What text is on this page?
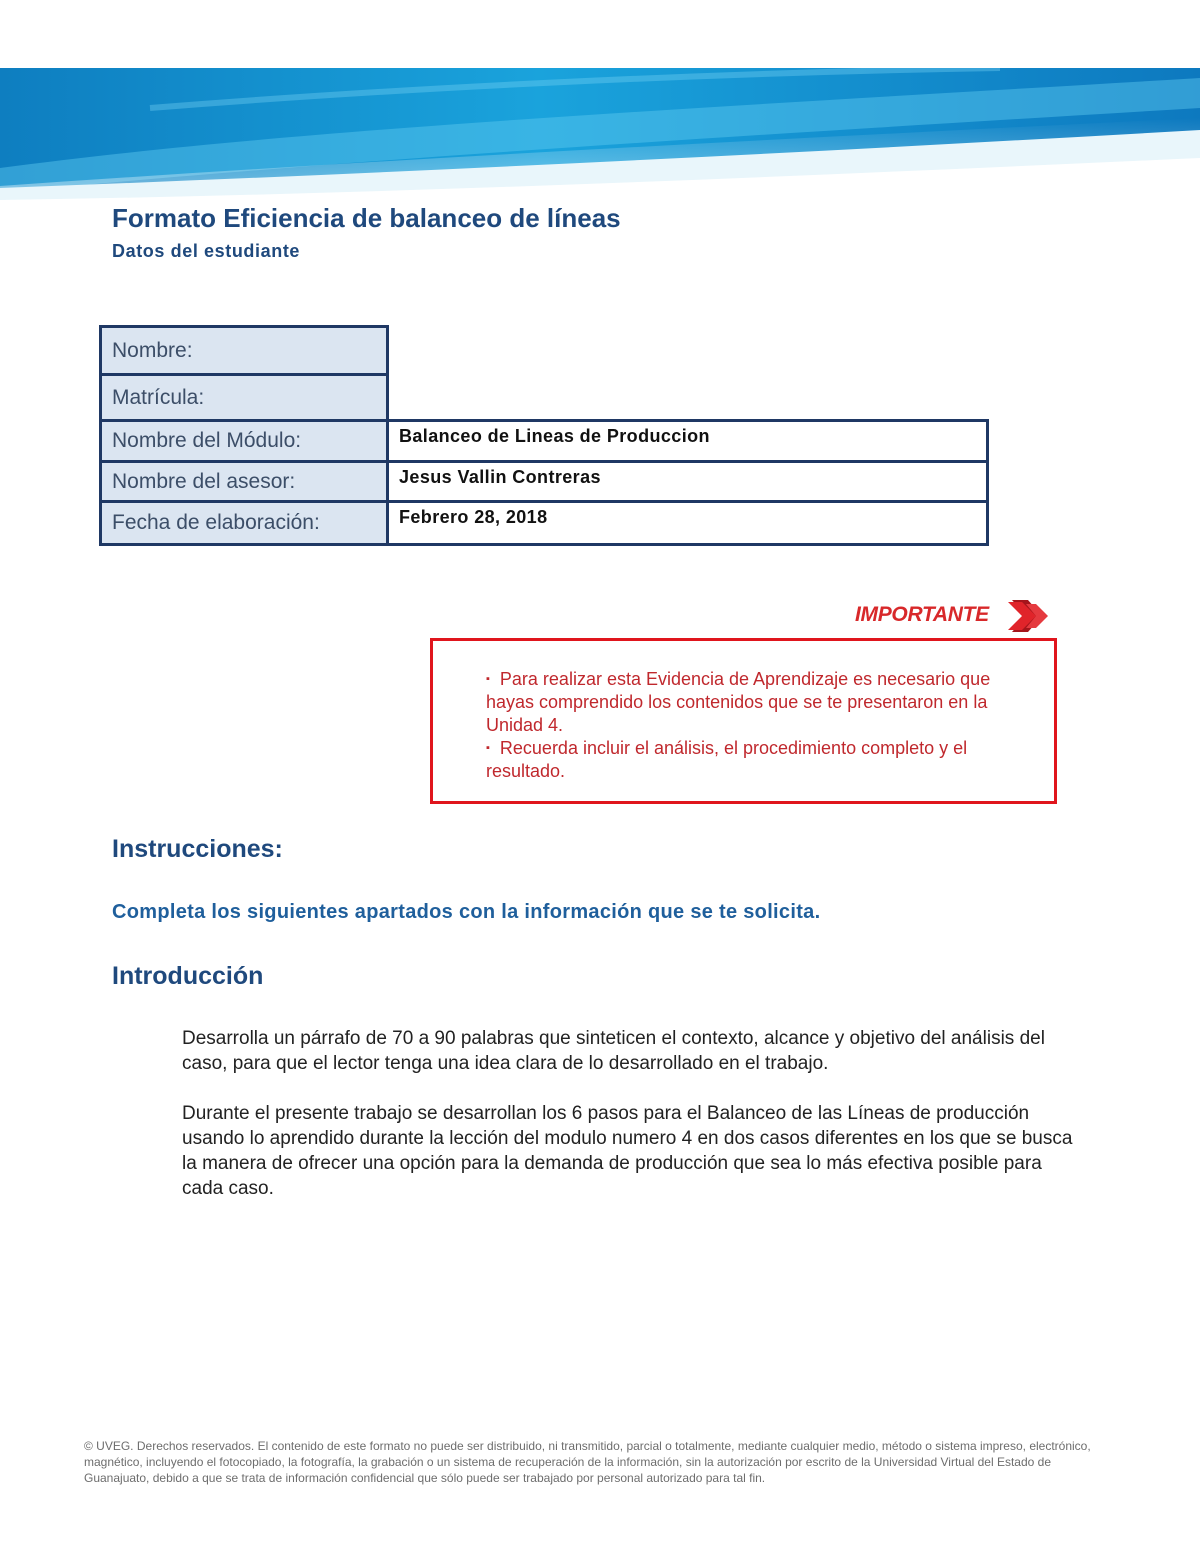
Formato Eficiencia de balanceo de líneas
Datos del estudiante
Nombre:
Matrícula:
Nombre del Módulo:
Nombre del asesor:
Fecha de elaboración:
Balanceo de Lineas de Produccion
Jesus Vallin Contreras
Febrero 28, 2018
IMPORTANTE

▪ Para realizar esta Evidencia de Aprendizaje es necesario que hayas comprendido los contenidos que se te presentaron en la Unidad 4.

▪ Recuerda incluir el análisis, el procedimiento completo y el resultado.

Instrucciones:

Completa los siguientes apartados con la información que se te solicita.

Introducción

Desarrolla un párrafo de 70 a 90 palabras que sinteticen el contexto, alcance y objetivo del análisis del caso, para que el lector tenga una idea clara de lo desarrollado en el trabajo.

Durante el presente trabajo se desarrollan los 6 pasos para el Balanceo de las Líneas de producción usando lo aprendido durante la lección del modulo numero 4 en dos casos diferentes en los que se busca la manera de ofrecer una opción para la demanda de producción que sea lo más efectiva posible para cada caso.

© UVEG. Derechos reservados. El contenido de este formato no puede ser distribuido, ni transmitido, parcial o totalmente, mediante cualquier medio, método o sistema impreso, electrónico, magnético, incluyendo el fotocopiado, la fotografía, la grabación o un sistema de recuperación de la información, sin la autorización por escrito de la Universidad Virtual del Estado de Guanajuato, debido a que se trata de información confidencial que sólo puede ser trabajado por personal autorizado para tal fin.
